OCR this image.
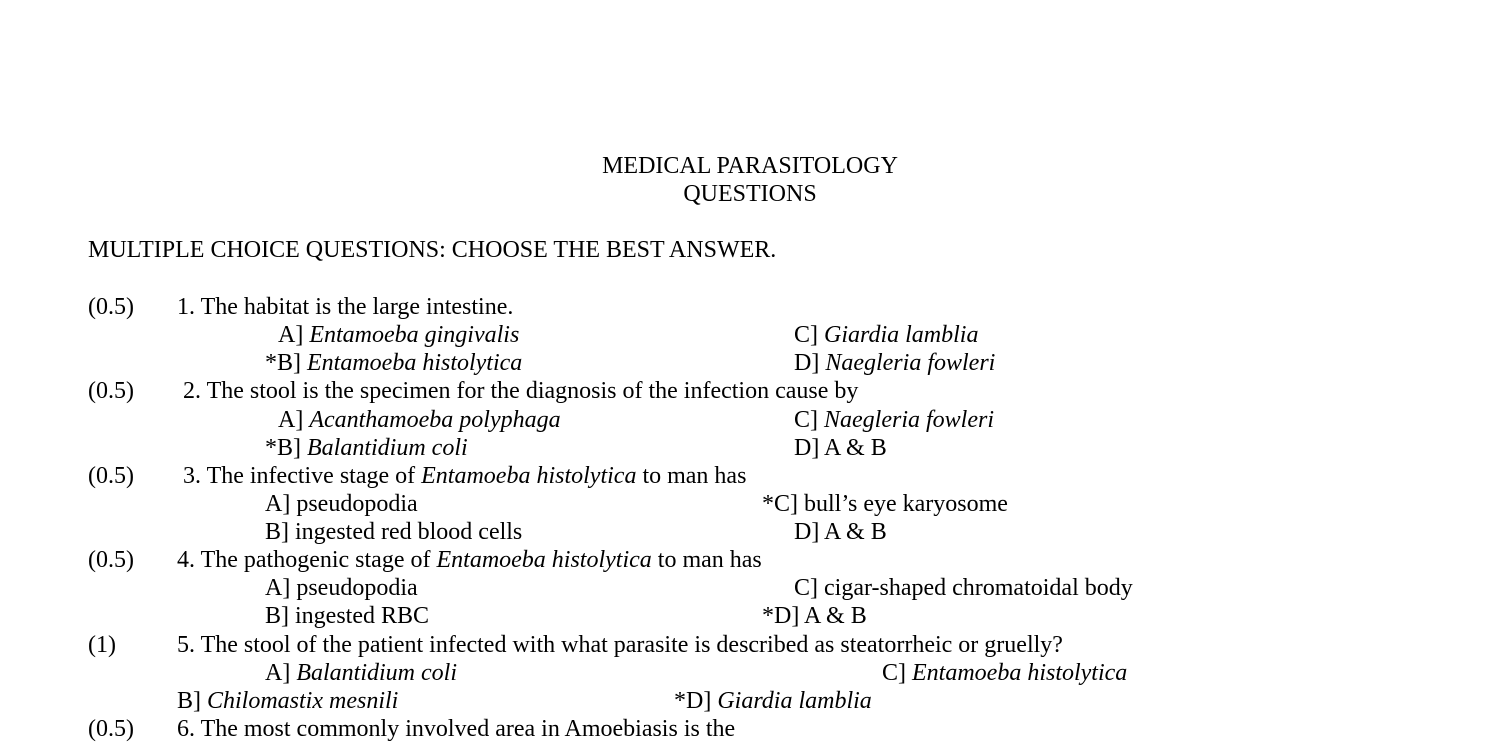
MEDICAL PARASITOLOGY
QUESTIONS
MULTIPLE CHOICE QUESTIONS: CHOOSE THE BEST ANSWER.
(0.5) 1. The habitat is the large intestine.
A] Entamoeba gingivalis	C] Giardia lamblia
*B] Entamoeba histolytica	D] Naegleria fowleri
(0.5) 2. The stool is the specimen for the diagnosis of the infection cause by
A] Acanthamoeba polyphaga	C] Naegleria fowleri
*B] Balantidium coli	D] A & B
(0.5) 3. The infective stage of Entamoeba histolytica to man has
A] pseudopodia	*C] bull’s eye karyosome
B] ingested red blood cells	D] A & B
(0.5) 4. The pathogenic stage of Entamoeba histolytica to man has
A] pseudopodia	C] cigar-shaped chromatoidal body
B] ingested RBC	*D] A & B
(1)	5. The stool of the patient infected with what parasite is described as steatorrheic or gruelly?
A] Balantidium coli	C] Entamoeba histolytica
B] Chilomastix mesnili	*D] Giardia lamblia
(0.5) 6. The most commonly involved area in Amoebiasis is the
